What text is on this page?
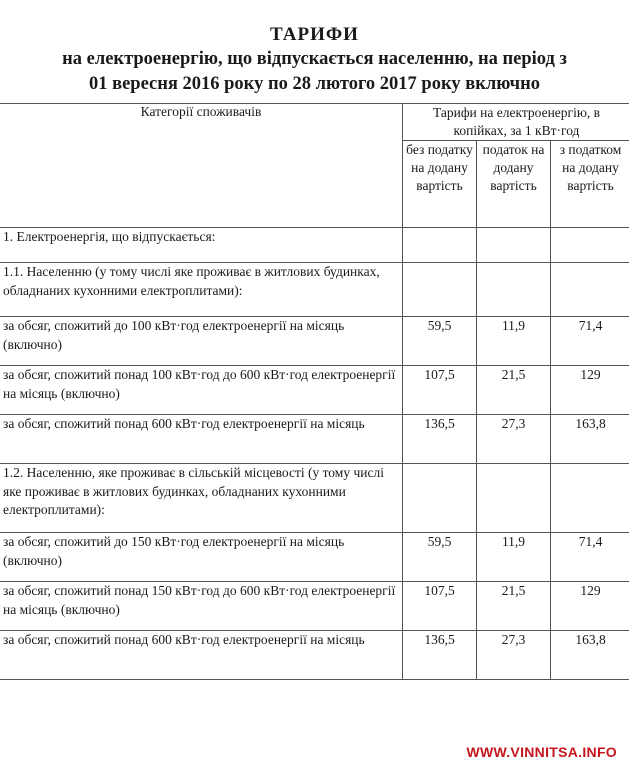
ТАРИФИ
на електроенергію, що відпускається населенню, на період з
01 вересня 2016 року по 28 лютого 2017 року включно
Категорії споживачів	Тарифи на електроенергію, в копійках, за 1 кВт·год		
	без податку на додану вартість	податок на додану вартість	з податком на додану вартість
1. Електроенергія, що відпускається:			
1.1. Населенню (у тому числі яке проживає в житлових будинках, обладнаних кухонними електроплитами):			
за обсяг, спожитий до 100 кВт·год електроенергії на місяць (включно)	59,5	11,9	71,4
за обсяг, спожитий понад 100 кВт·год до 600 кВт·год електроенергії на місяць (включно)	107,5	21,5	129
за обсяг, спожитий понад 600 кВт·год електроенергії на місяць	136,5	27,3	163,8
1.2. Населенню, яке проживає в сільській місцевості (у тому числі яке проживає в житлових будинках, обладнаних кухонними електроплитами):			
за обсяг, спожитий до 150 кВт·год електроенергії на місяць (включно)	59,5	11,9	71,4
за обсяг, спожитий понад 150 кВт·год до 600 кВт·год електроенергії на місяць (включно)	107,5	21,5	129
за обсяг, спожитий понад 600 кВт·год електроенергії на місяць	136,5	27,3	163,8
WWW.VINNITSA.INFO
